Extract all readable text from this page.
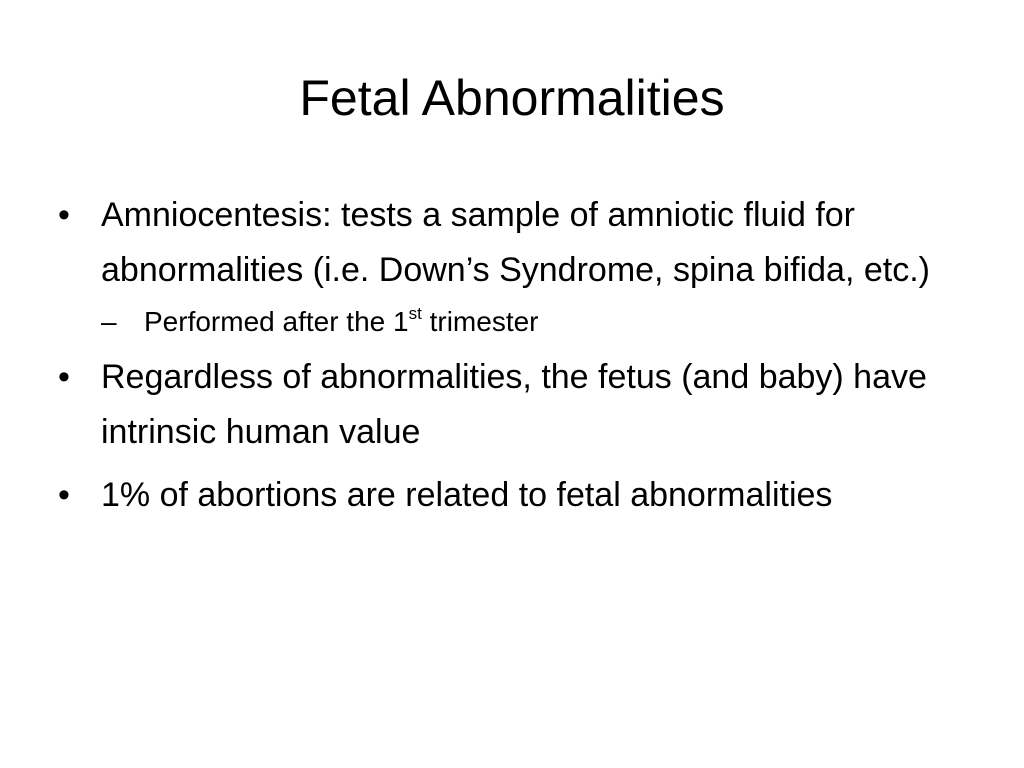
Fetal Abnormalities
• Amniocentesis: tests a sample of amniotic fluid for abnormalities (i.e. Down’s Syndrome, spina bifida, etc.)
– Performed after the 1st trimester
• Regardless of abnormalities, the fetus (and baby) have intrinsic human value
• 1% of abortions are related to fetal abnormalities
